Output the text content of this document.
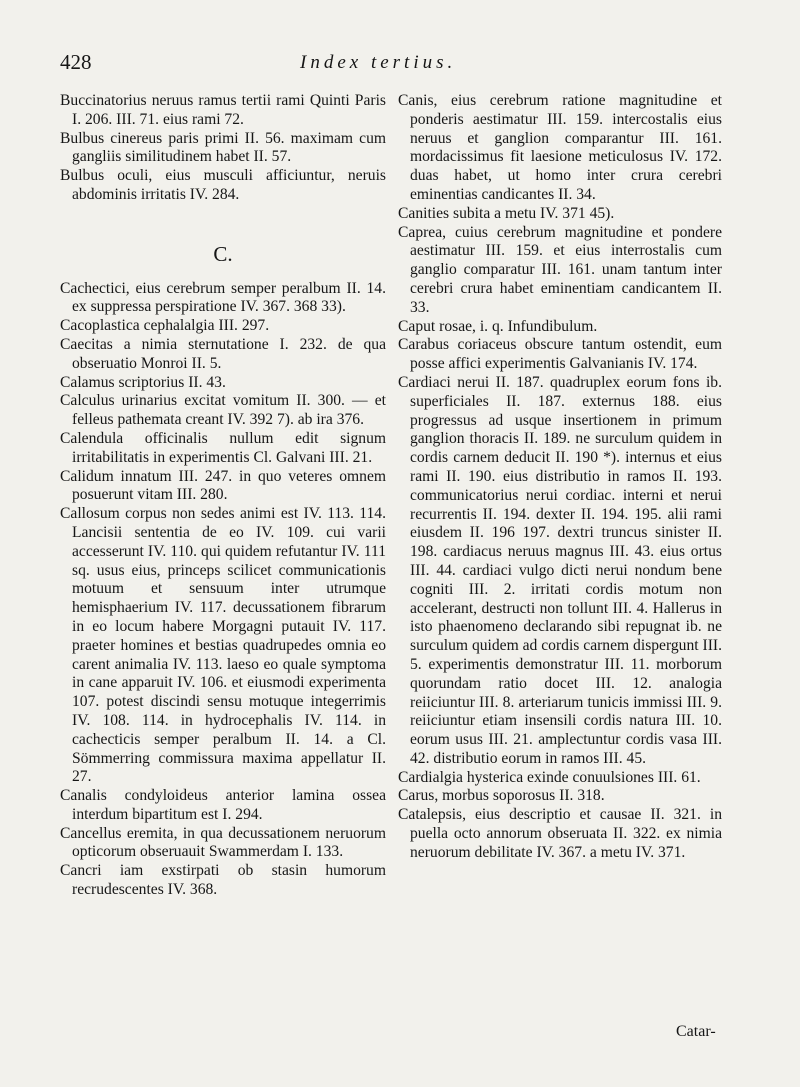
428	Index tertius.

Buccinatorius neruus ramus tertii rami Quinti Paris I. 206. III. 71. eius rami 72.

Bulbus cinereus paris primi II. 56. maximam cum gangliis similitudinem habet II. 57.

Bulbus oculi, eius musculi afficiuntur, neruis abdominis irritatis IV. 284.

C.

Cachectici, eius cerebrum semper peralbum II. 14. ex suppressa perspiratione IV. 367. 368 33).

Cacoplastica cephalalgia III. 297.

Caecitas a nimia sternutatione I. 232. de qua obseruatio Monroi II. 5.

Calamus scriptorius II. 43.

Calculus urinarius excitat vomitum II. 300. — et felleus pathemata creant IV. 392 7). ab ira 376.

Calendula officinalis nullum edit signum irritabilitatis in experimentis Cl. Galvani III. 21.

Calidum innatum III. 247. in quo veteres omnem posuerunt vitam III. 280.

Callosum corpus non sedes animi est IV. 113. 114. Lancisii sententia de eo IV. 109. cui varii accesserunt IV. 110. qui quidem refutantur IV. 111 sq. usus eius, princeps scilicet communicationis motuum et sensuum inter utrumque hemisphaerium IV. 117. decussationem fibrarum in eo locum habere Morgagni putauit IV. 117. praeter homines et bestias quadrupedes omnia eo carent animalia IV. 113. laeso eo quale symptoma in cane apparuit IV. 106. et eiusmodi experimenta 107. potest discindi sensu motuque integerrimis IV. 108. 114. in hydrocephalis IV. 114. in cachecticis semper peralbum II. 14. a Cl. Sömmerring commissura maxima appellatur II. 27.

Canalis condyloideus anterior lamina ossea interdum bipartitum est I. 294.

Cancellus eremita, in qua decussationem neruorum opticorum obseruauit Swammerdam I. 133.

Cancri iam exstirpati ob stasin humorum recrudescentes IV. 368.

Canis, eius cerebrum ratione magnitudine et ponderis aestimatur III. 159. intercostalis eius neruus et ganglion comparantur III. 161. mordacissimus fit laesione meticulosus IV. 172. duas habet, ut homo inter crura cerebri eminentias candicantes II. 34.

Canities subita a metu IV. 371 45).

Caprea, cuius cerebrum magnitudine et pondere aestimatur III. 159. et eius interrostalis cum ganglio comparatur III. 161. unam tantum inter cerebri crura habet eminentiam candicantem II. 33.

Caput rosae, i. q. Infundibulum.

Carabus coriaceus obscure tantum ostendit, eum posse affici experimentis Galvanianis IV. 174.

Cardiaci nerui II. 187. quadruplex eorum fons ib. superficiales II. 187. externus 188. eius progressus ad usque insertionem in primum ganglion thoracis II. 189. ne surculum quidem in cordis carnem deducit II. 190 *). internus et eius rami II. 190. eius distributio in ramos II. 193. communicatorius nerui cordiac. interni et nerui recurrentis II. 194. dexter II. 194. 195. alii rami eiusdem II. 196 197. dextri truncus sinister II. 198. cardiacus neruus magnus III. 43. eius ortus III. 44. cardiaci vulgo dicti nerui nondum bene cogniti III. 2. irritati cordis motum non accelerant, destructi non tollunt III. 4. Hallerus in isto phaenomeno declarando sibi repugnat ib. ne surculum quidem ad cordis carnem dispergunt III. 5. experimentis demonstratur III. 11. morborum quorundam ratio docet III. 12. analogia reiiciuntur III. 8. arteriarum tunicis immissi III. 9. reiiciuntur etiam insensili cordis natura III. 10. eorum usus III. 21. amplectuntur cordis vasa III. 42. distributio eorum in ramos III. 45.

Cardialgia hysterica exinde conuulsiones III. 61.

Carus, morbus soporosus II. 318.

Catalepsis, eius descriptio et causae II. 321. in puella octo annorum obseruata II. 322. ex nimia neruorum debilitate IV. 367. a metu IV. 371.

Catar-
